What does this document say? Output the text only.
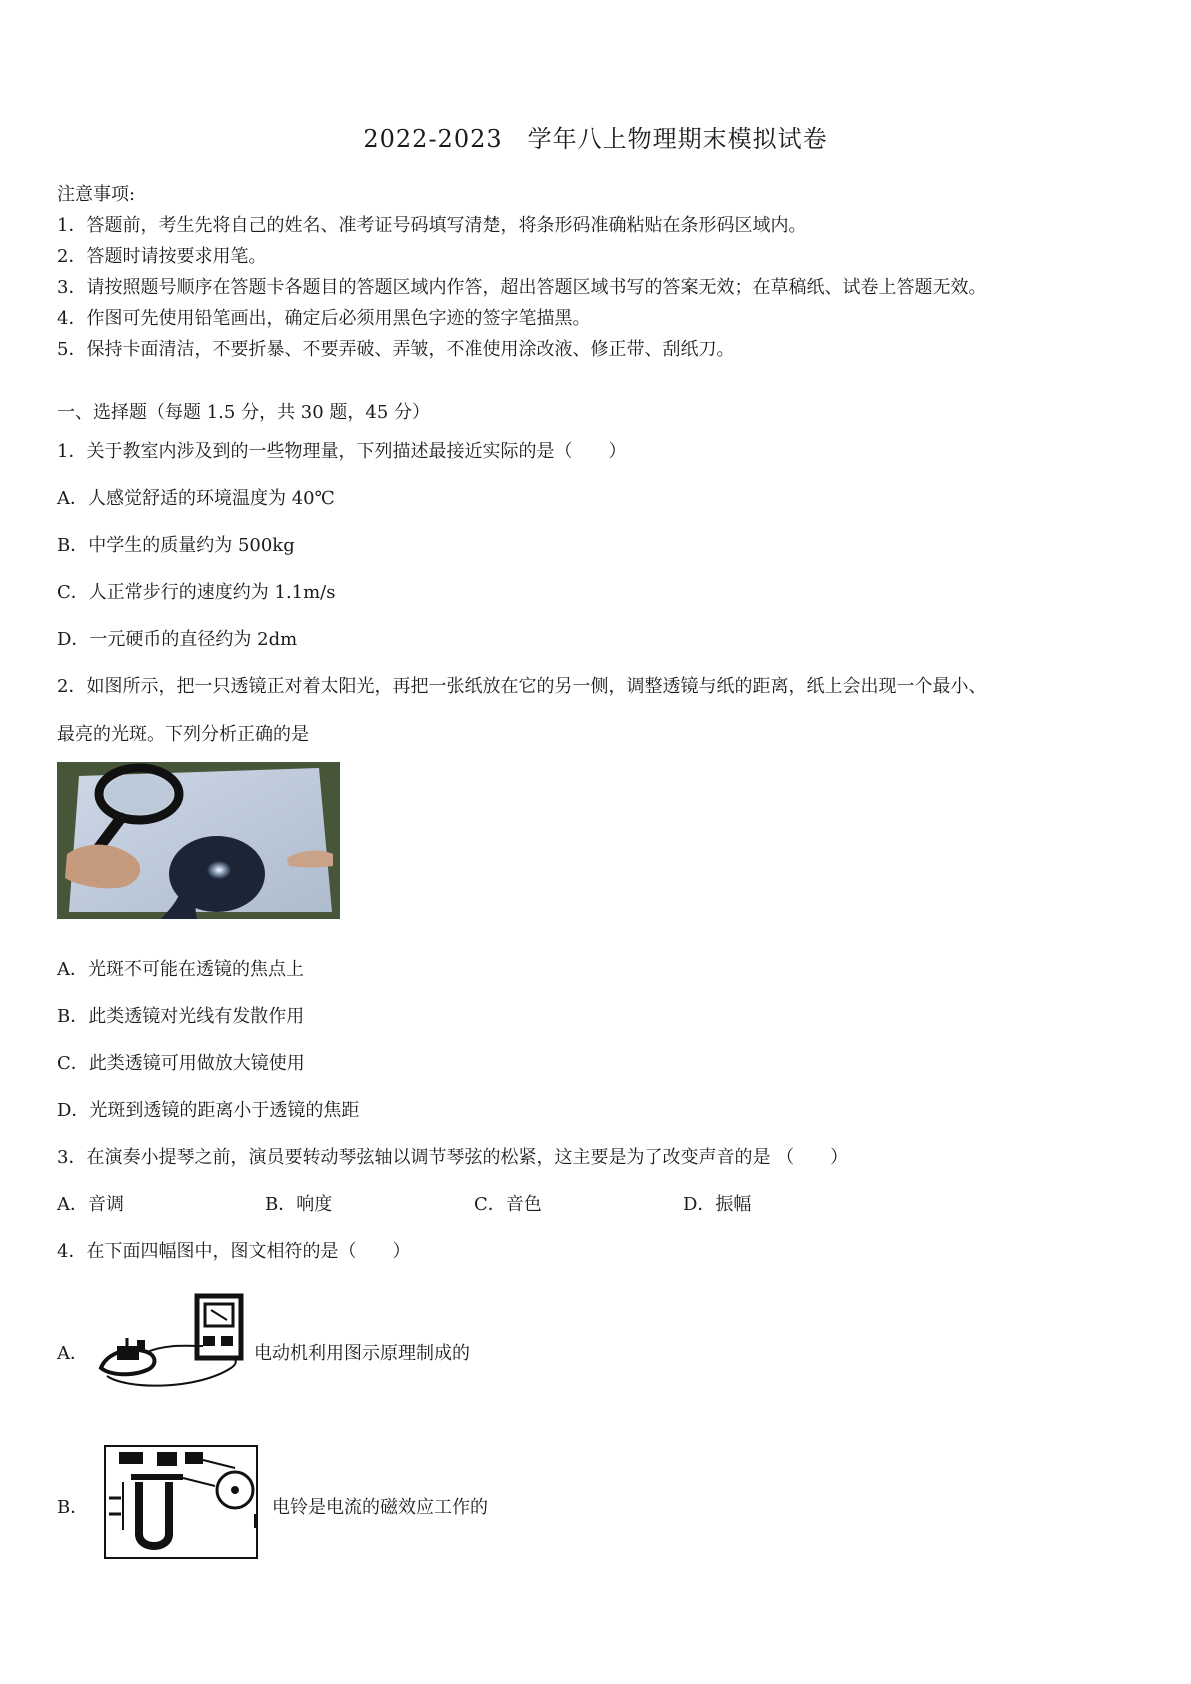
2022-2023　学年八上物理期末模拟试卷
注意事项:
1．答题前，考生先将自己的姓名、准考证号码填写清楚，将条形码准确粘贴在条形码区域内。
2．答题时请按要求用笔。
3．请按照题号顺序在答题卡各题目的答题区域内作答，超出答题区域书写的答案无效；在草稿纸、试卷上答题无效。
4．作图可先使用铅笔画出，确定后必须用黑色字迹的签字笔描黑。
5．保持卡面清洁，不要折暴、不要弄破、弄皱，不准使用涂改液、修正带、刮纸刀。
一、选择题（每题 1.5 分，共 30 题，45 分）
1．关于教室内涉及到的一些物理量，下列描述最接近实际的是（　　）
A．人感觉舒适的环境温度为 40℃
B．中学生的质量约为 500kg
C．人正常步行的速度约为 1.1m/s
D．一元硬币的直径约为 2dm
2．如图所示，把一只透镜正对着太阳光，再把一张纸放在它的另一侧，调整透镜与纸的距离，纸上会出现一个最小、
最亮的光斑。下列分析正确的是
A．光斑不可能在透镜的焦点上
B．此类透镜对光线有发散作用
C．此类透镜可用做放大镜使用
D．光斑到透镜的距离小于透镜的焦距
3．在演奏小提琴之前，演员要转动琴弦轴以调节琴弦的松紧，这主要是为了改变声音的是 （　　）
A．音调	B．响度	C．音色	D．振幅
4．在下面四幅图中，图文相符的是（　　）
A．	电动机利用图示原理制成的
B．	电铃是电流的磁效应工作的
